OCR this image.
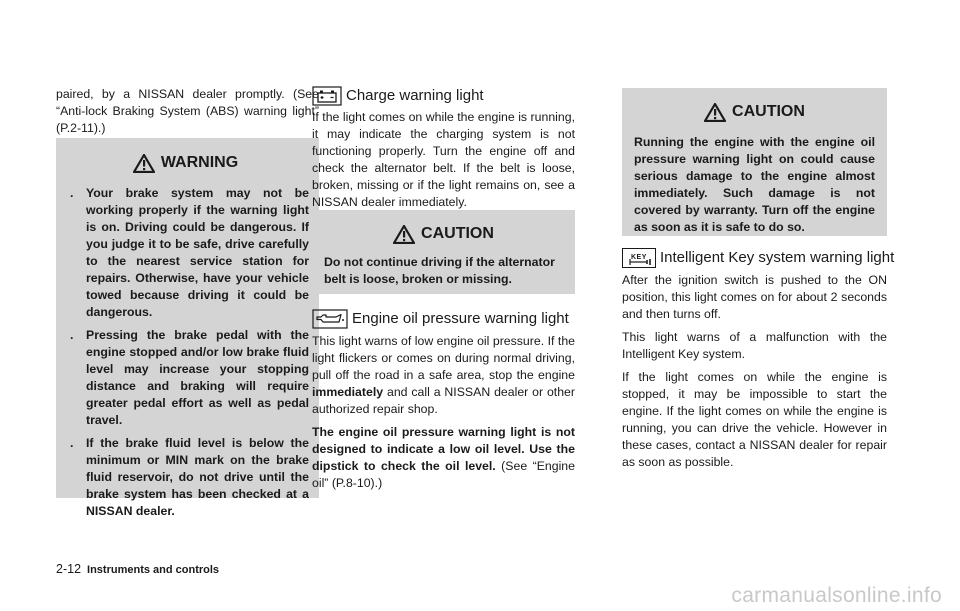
paired, by a NISSAN dealer promptly. (See “Anti-lock Braking System (ABS) warning light” (P.2-11).)

WARNING
. Your brake system may not be working properly if the warning light is on. Driving could be dangerous. If you judge it to be safe, drive carefully to the nearest service station for repairs. Otherwise, have your vehicle towed because driving it could be dangerous.
. Pressing the brake pedal with the engine stopped and/or low brake fluid level may increase your stopping distance and braking will require greater pedal effort as well as pedal travel.
. If the brake fluid level is below the minimum or MIN mark on the brake fluid reservoir, do not drive until the brake system has been checked at a NISSAN dealer.
Charge warning light

If the light comes on while the engine is running, it may indicate the charging system is not functioning properly. Turn the engine off and check the alternator belt. If the belt is loose, broken, missing or if the light remains on, see a NISSAN dealer immediately.

CAUTION
Do not continue driving if the alternator belt is loose, broken or missing.
Engine oil pressure warning light

This light warns of low engine oil pressure. If the light flickers or comes on during normal driving, pull off the road in a safe area, stop the engine immediately and call a NISSAN dealer or other authorized repair shop.

The engine oil pressure warning light is not designed to indicate a low oil level. Use the dipstick to check the oil level. (See “Engine oil” (P.8-10).)

CAUTION
Running the engine with the engine oil pressure warning light on could cause serious damage to the engine almost immediately. Such damage is not covered by warranty. Turn off the engine as soon as it is safe to do so.
KEY Intelligent Key system warning light

After the ignition switch is pushed to the ON position, this light comes on for about 2 seconds and then turns off.

This light warns of a malfunction with the Intelligent Key system.

If the light comes on while the engine is stopped, it may be impossible to start the engine. If the light comes on while the engine is running, you can drive the vehicle. However in these cases, contact a NISSAN dealer for repair as soon as possible.

2-12 Instruments and controls
carmanualsonline.info
